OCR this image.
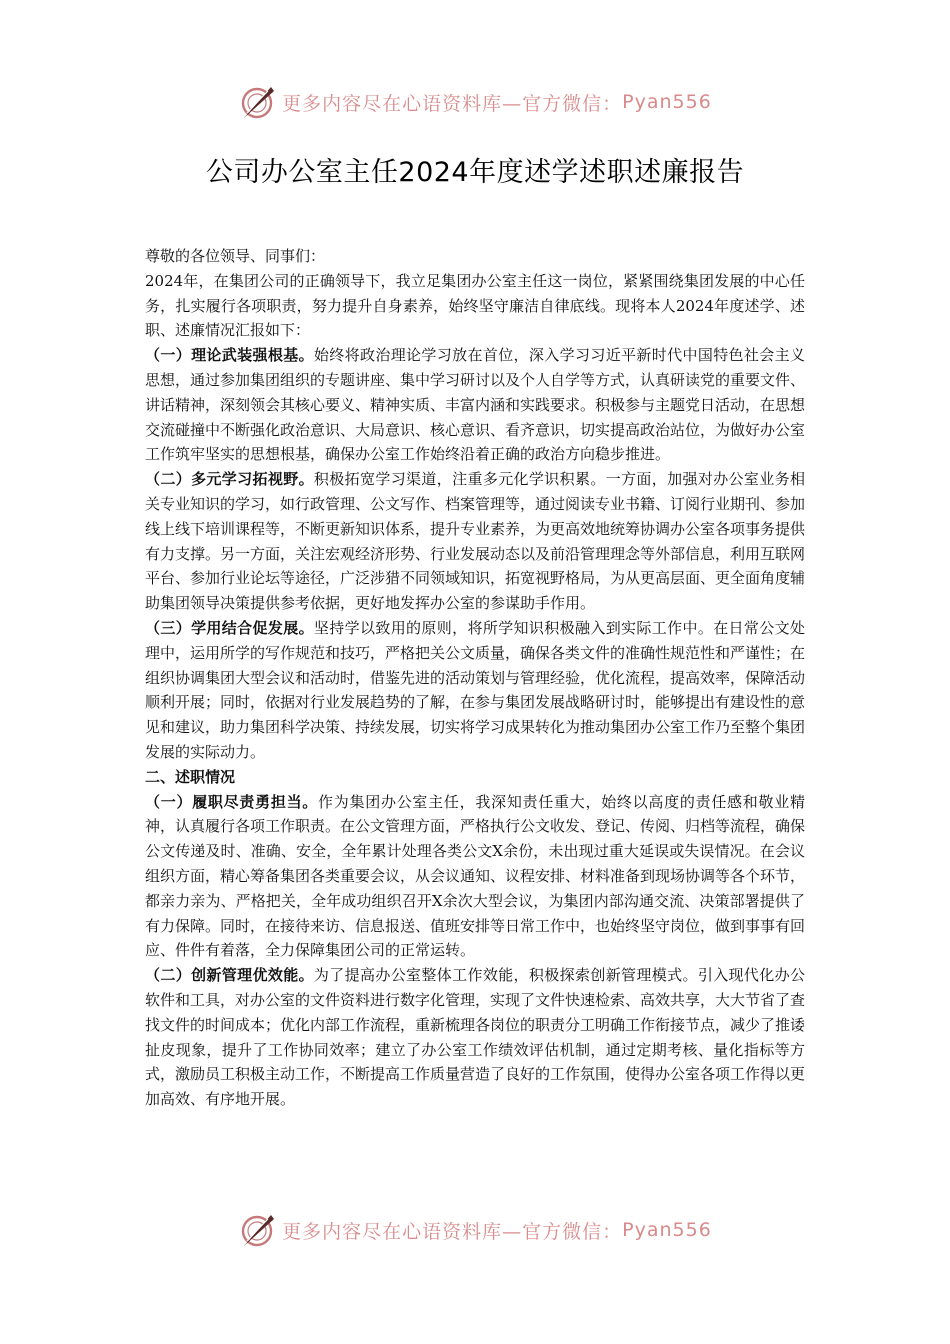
更多内容尽在心语资料库—官方微信： Pyan556
公司办公室主任2024年度述学述职述廉报告

尊敬的各位领导、同事们：

2024年，在集团公司的正确领导下，我立足集团办公室主任这一岗位，紧紧围绕集团发展的中心任务，扎实履行各项职责，努力提升自身素养，始终坚守廉洁自律底线。现将本人2024年度述学、述职、述廉情况汇报如下：

（一）理论武装强根基。始终将政治理论学习放在首位，深入学习习近平新时代中国特色社会主义思想，通过参加集团组织的专题讲座、集中学习研讨以及个人自学等方式，认真研读党的重要文件、讲话精神，深刻领会其核心要义、精神实质、丰富内涵和实践要求。积极参与主题党日活动，在思想交流碰撞中不断强化政治意识、大局意识、核心意识、看齐意识，切实提高政治站位，为做好办公室工作筑牢坚实的思想根基，确保办公室工作始终沿着正确的政治方向稳步推进。

（二）多元学习拓视野。积极拓宽学习渠道，注重多元化学识积累。一方面，加强对办公室业务相关专业知识的学习，如行政管理、公文写作、档案管理等，通过阅读专业书籍、订阅行业期刊、参加线上线下培训课程等，不断更新知识体系，提升专业素养，为更高效地统筹协调办公室各项事务提供有力支撑。另一方面，关注宏观经济形势、行业发展动态以及前沿管理理念等外部信息，利用互联网平台、参加行业论坛等途径，广泛涉猎不同领域知识，拓宽视野格局，为从更高层面、更全面角度辅助集团领导决策提供参考依据，更好地发挥办公室的参谋助手作用。

（三）学用结合促发展。坚持学以致用的原则，将所学知识积极融入到实际工作中。在日常公文处理中，运用所学的写作规范和技巧，严格把关公文质量，确保各类文件的准确性规范性和严谨性；在组织协调集团大型会议和活动时，借鉴先进的活动策划与管理经验，优化流程，提高效率，保障活动顺利开展；同时，依据对行业发展趋势的了解，在参与集团发展战略研讨时，能够提出有建设性的意见和建议，助力集团科学决策、持续发展，切实将学习成果转化为推动集团办公室工作乃至整个集团发展的实际动力。

二、述职情况

（一）履职尽责勇担当。作为集团办公室主任，我深知责任重大，始终以高度的责任感和敬业精神，认真履行各项工作职责。在公文管理方面，严格执行公文收发、登记、传阅、归档等流程，确保公文传递及时、准确、安全，全年累计处理各类公文X余份，未出现过重大延误或失误情况。在会议组织方面，精心筹备集团各类重要会议，从会议通知、议程安排、材料准备到现场协调等各个环节，都亲力亲为、严格把关，全年成功组织召开X余次大型会议，为集团内部沟通交流、决策部署提供了有力保障。同时，在接待来访、信息报送、值班安排等日常工作中，也始终坚守岗位，做到事事有回应、件件有着落，全力保障集团公司的正常运转。

（二）创新管理优效能。为了提高办公室整体工作效能，积极探索创新管理模式。引入现代化办公软件和工具，对办公室的文件资料进行数字化管理，实现了文件快速检索、高效共享，大大节省了查找文件的时间成本；优化内部工作流程，重新梳理各岗位的职责分工明确工作衔接节点，减少了推诿扯皮现象，提升了工作协同效率；建立了办公室工作绩效评估机制，通过定期考核、量化指标等方式，激励员工积极主动工作，不断提高工作质量营造了良好的工作氛围，使得办公室各项工作得以更加高效、有序地开展。

更多内容尽在心语资料库—官方微信： Pyan556
